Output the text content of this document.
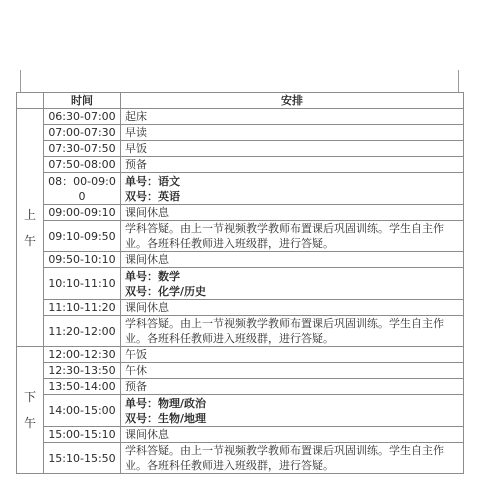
	时间	安排

上
午	06:30-07:00	起床

	07:00-07:30	早读

	07:30-07:50	早饭

	07:50-08:00	预备

	08：00-09:00	单号：语文
双号：英语

	09:00-09:10	课间休息

	09:10-09:50	学科答疑。由上一节视频教学教师布置课后巩固训练。学生自主作业。各班科任教师进入班级群，进行答疑。

	09:50-10:10	课间休息

	10:10-11:10	单号：数学
双号：化学/历史

	11:10-11:20	课间休息

	11:20-12:00	学科答疑。由上一节视频教学教师布置课后巩固训练。学生自主作业。各班科任教师进入班级群，进行答疑。

下
午	12:00-12:30	午饭

	12:30-13:50	午休

	13:50-14:00	预备

	14:00-15:00	单号：物理/政治
双号：生物/地理

	15:00-15:10	课间休息

	15:10-15:50	学科答疑。由上一节视频教学教师布置课后巩固训练。学生自主作业。各班科任教师进入班级群，进行答疑。
